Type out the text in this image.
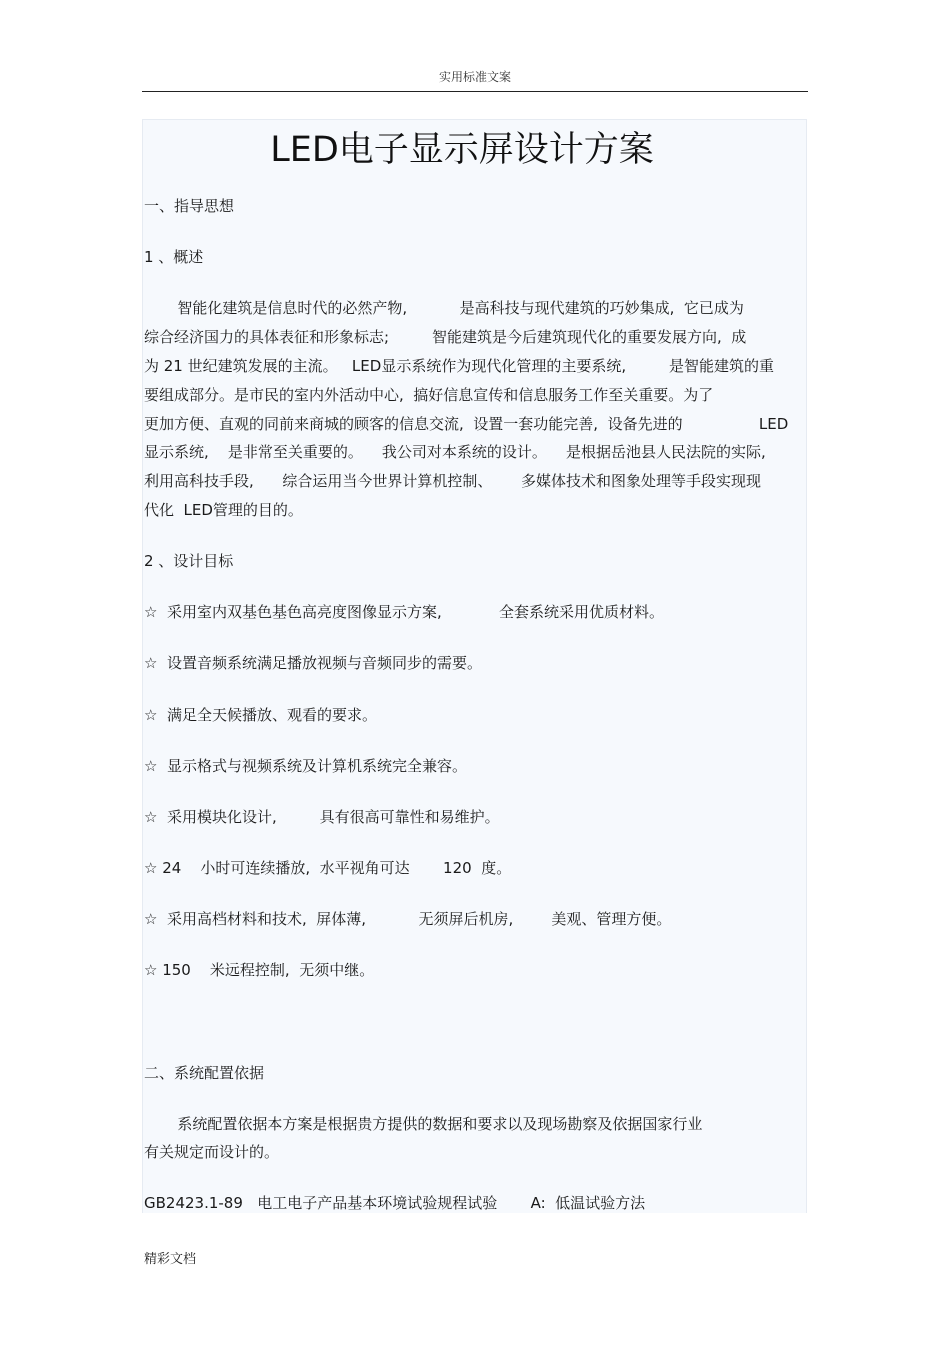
实用标准文案
LED电子显示屏设计方案
一、指导思想
1 、概述
智能化建筑是信息时代的必然产物,           是高科技与现代建筑的巧妙集成,  它已成为
综合经济国力的具体表征和形象标志;         智能建筑是今后建筑现代化的重要发展方向,  成
为 21 世纪建筑发展的主流。   LED显示系统作为现代化管理的主要系统,         是智能建筑的重
要组成部分。是市民的室内外活动中心,  搞好信息宣传和信息服务工作至关重要。为了
更加方便、直观的同前来商城的顾客的信息交流,  设置一套功能完善,  设备先进的                LED
显示系统,    是非常至关重要的。    我公司对本系统的设计。    是根据岳池县人民法院的实际,
利用高科技手段,      综合运用当今世界计算机控制、      多媒体技术和图象处理等手段实现现
代化  LED管理的目的。
2 、设计目标
☆  采用室内双基色基色高亮度图像显示方案,            全套系统采用优质材料。
☆  设置音频系统满足播放视频与音频同步的需要。
☆  满足全天候播放、观看的要求。
☆  显示格式与视频系统及计算机系统完全兼容。
☆  采用模块化设计,         具有很高可靠性和易维护。
☆ 24    小时可连续播放,  水平视角可达       120  度。
☆  采用高档材料和技术,  屏体薄,           无须屏后机房,        美观、管理方便。
☆ 150    米远程控制,  无须中继。
二、系统配置依据
系统配置依据本方案是根据贵方提供的数据和要求以及现场勘察及依据国家行业
有关规定而设计的。
GB2423.1-89   电工电子产品基本环境试验规程试验       A:  低温试验方法
精彩文档
